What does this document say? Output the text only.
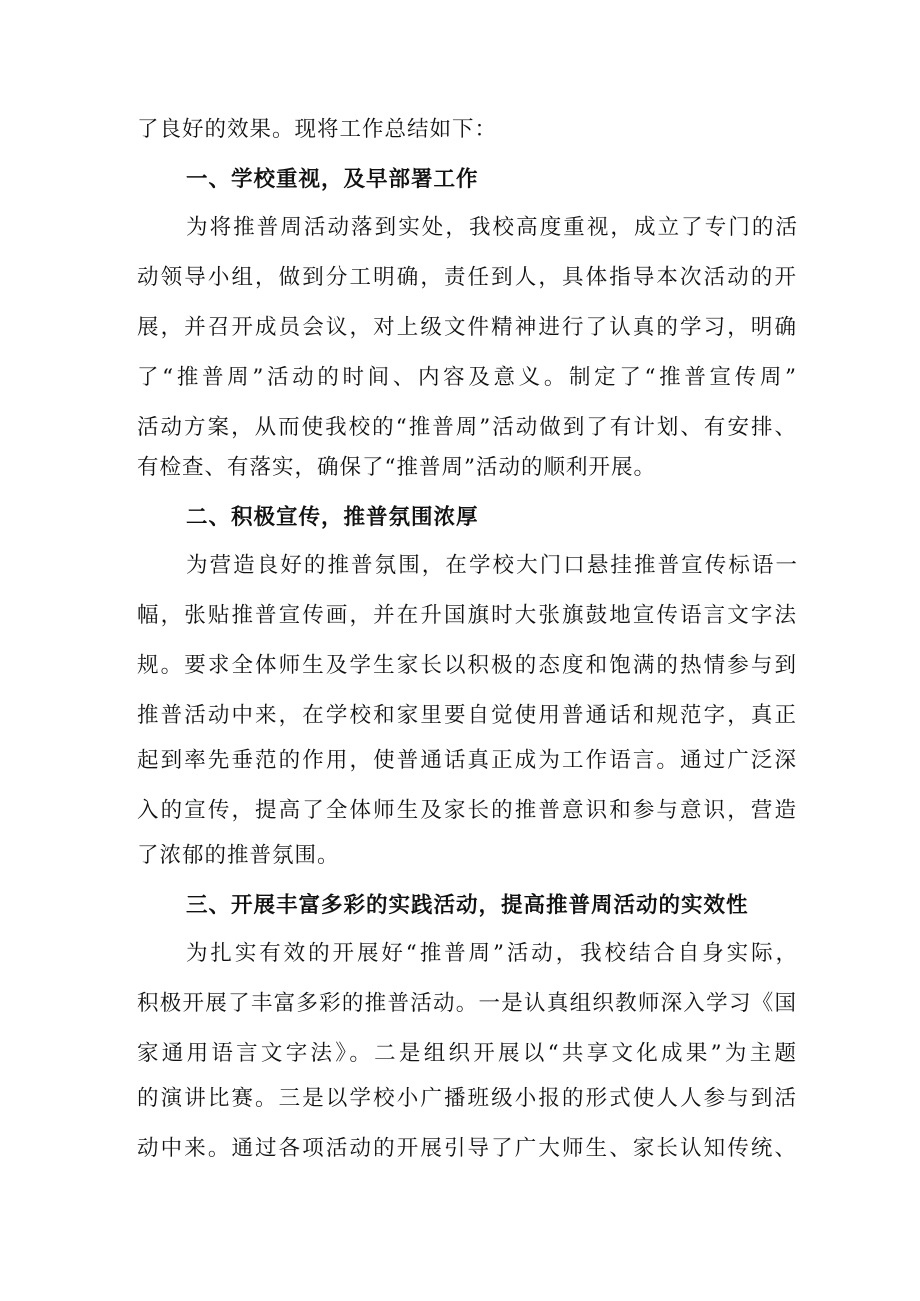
了良好的效果。现将工作总结如下：
一、学校重视，及早部署工作
为将推普周活动落到实处，我校高度重视，成立了专门的活
动领导小组，做到分工明确，责任到人，具体指导本次活动的开
展，并召开成员会议，对上级文件精神进行了认真的学习，明确
了“推普周”活动的时间、内容及意义。制定了“推普宣传周”
活动方案，从而使我校的“推普周”活动做到了有计划、有安排、
有检查、有落实，确保了“推普周”活动的顺利开展。
二、积极宣传，推普氛围浓厚
为营造良好的推普氛围，在学校大门口悬挂推普宣传标语一
幅，张贴推普宣传画，并在升国旗时大张旗鼓地宣传语言文字法
规。要求全体师生及学生家长以积极的态度和饱满的热情参与到
推普活动中来，在学校和家里要自觉使用普通话和规范字，真正
起到率先垂范的作用，使普通话真正成为工作语言。通过广泛深
入的宣传，提高了全体师生及家长的推普意识和参与意识，营造
了浓郁的推普氛围。
三、开展丰富多彩的实践活动，提高推普周活动的实效性
为扎实有效的开展好“推普周”活动，我校结合自身实际，
积极开展了丰富多彩的推普活动。一是认真组织教师深入学习《国
家通用语言文字法》。二是组织开展以“共享文化成果”为主题
的演讲比赛。三是以学校小广播班级小报的形式使人人参与到活
动中来。通过各项活动的开展引导了广大师生、家长认知传统、
